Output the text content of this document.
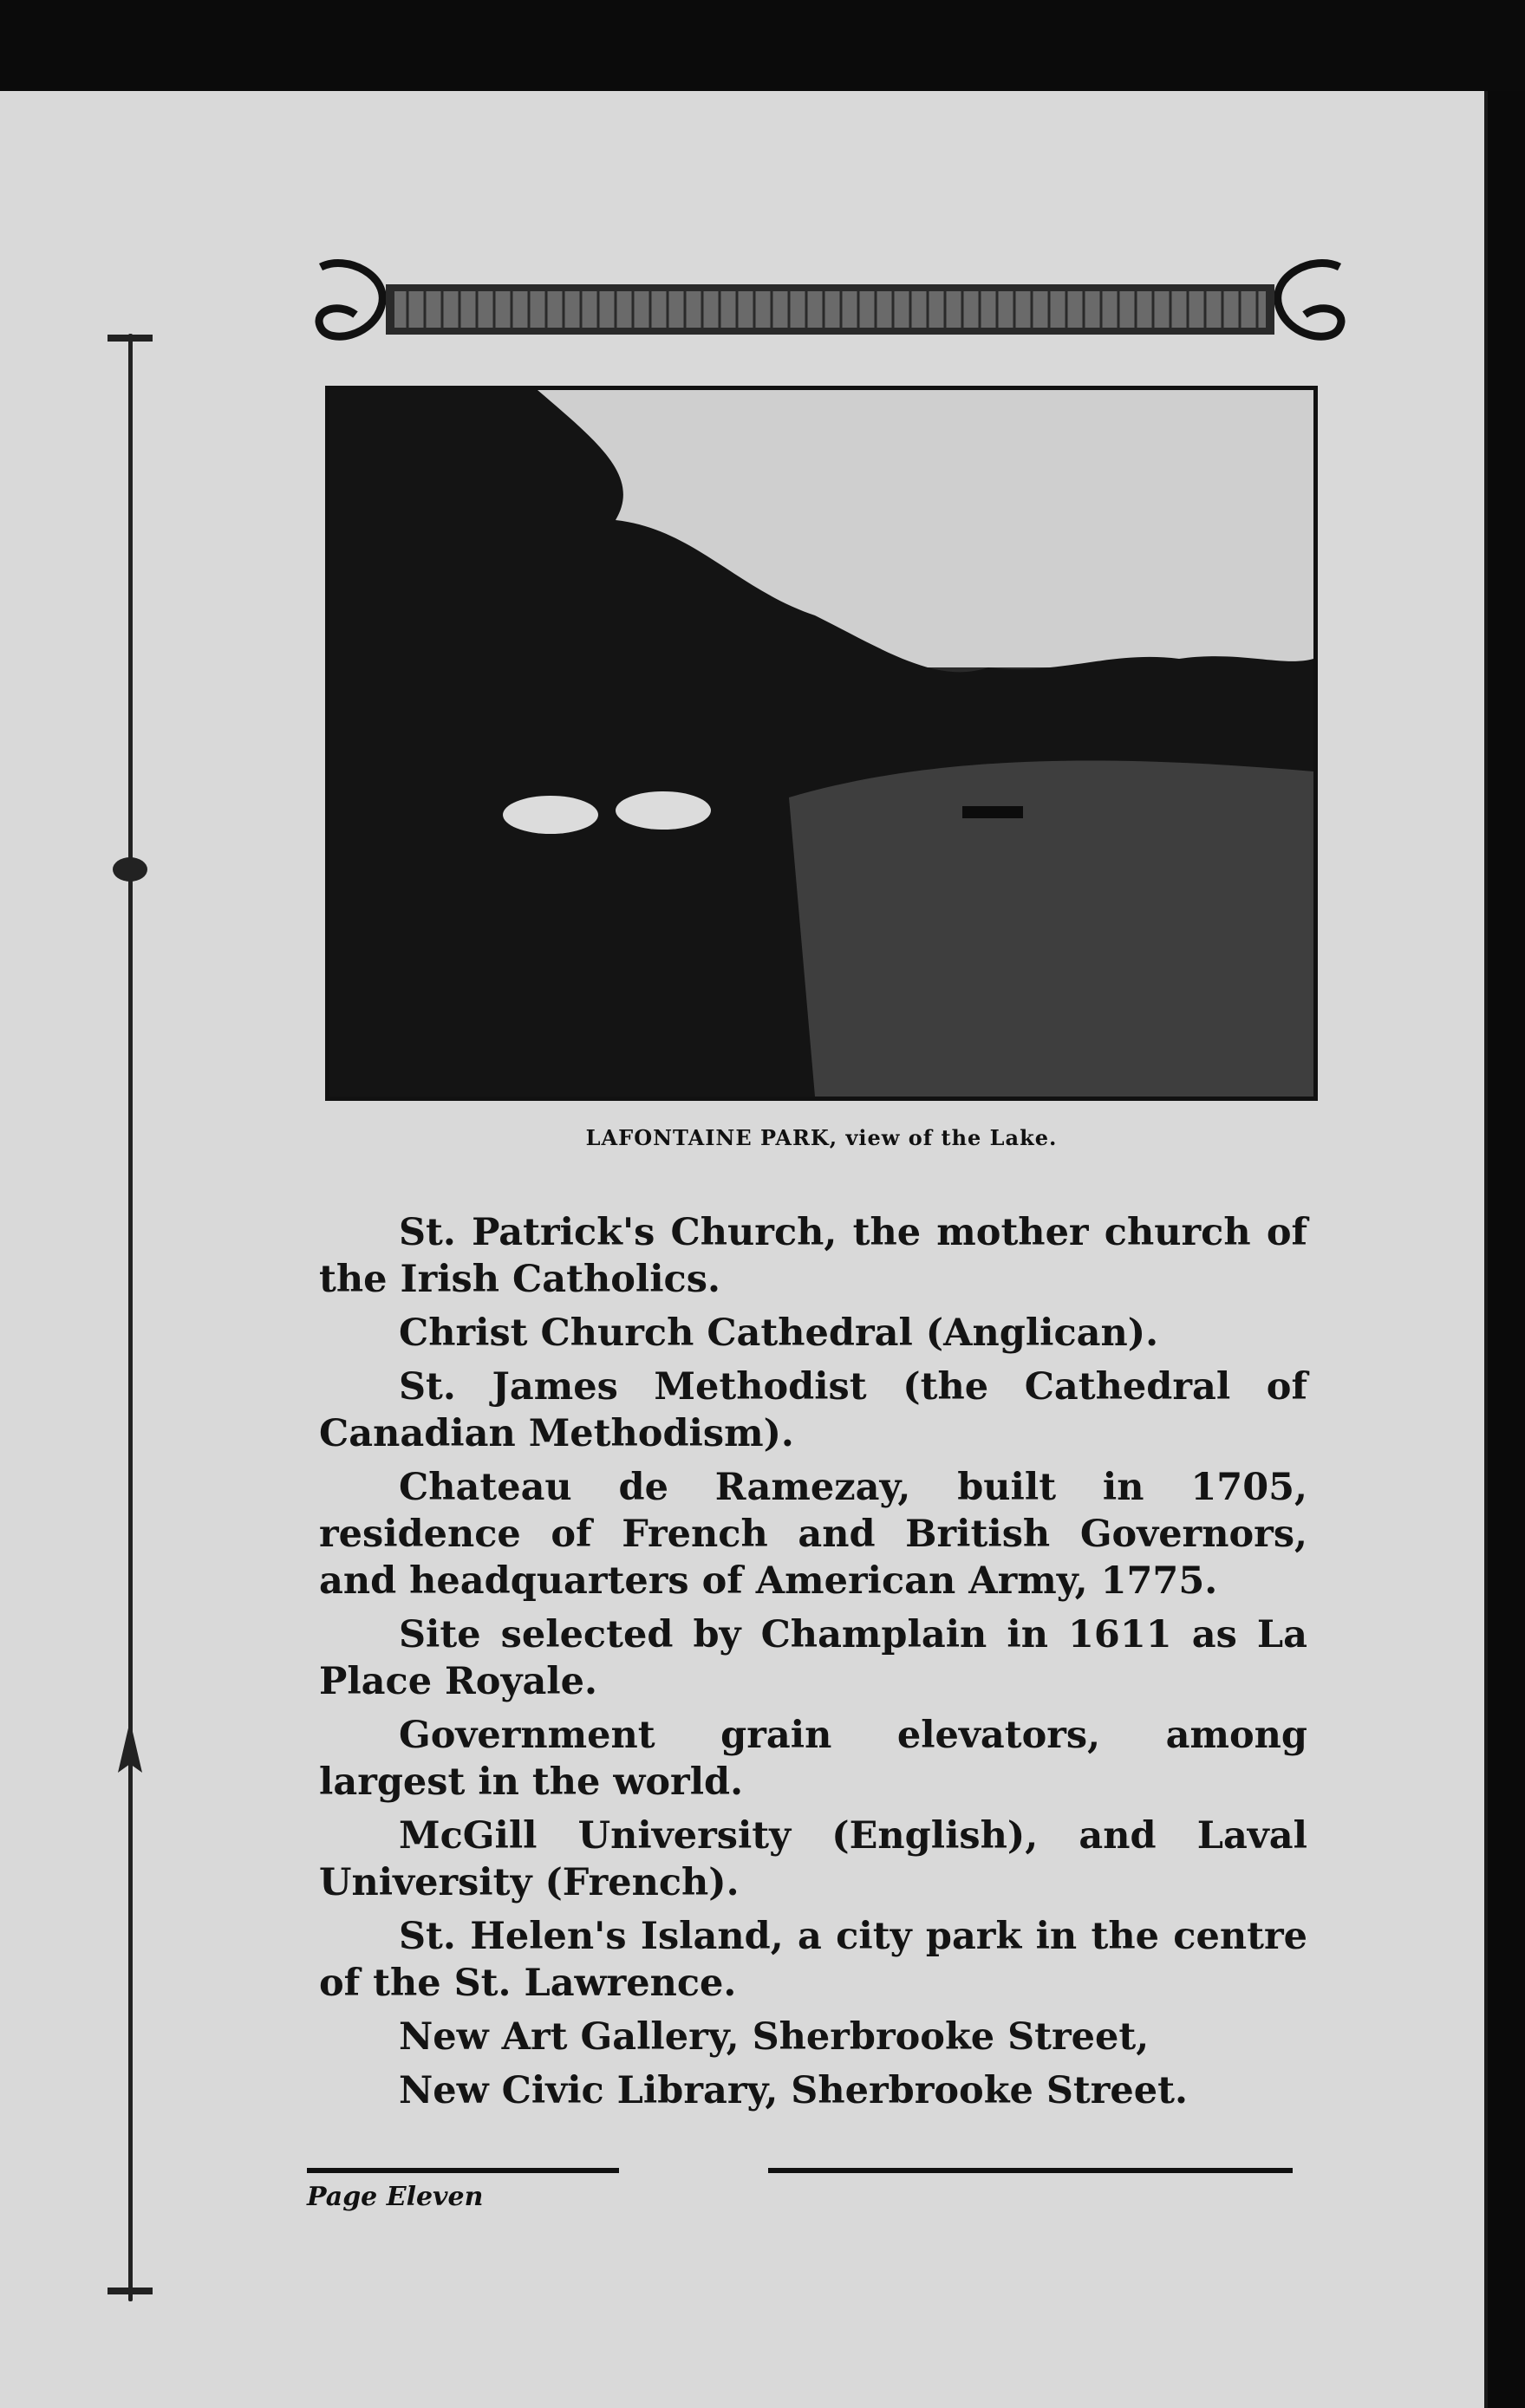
LAFONTAINE PARK, view of the Lake.

St. Patrick's Church, the mother church of the Irish Catholics.

Christ Church Cathedral (Anglican).

St. James Methodist (the Cathedral of Canadian Methodism).

Chateau de Ramezay, built in 1705, residence of French and British Governors, and headquarters of American Army, 1775.

Site selected by Champlain in 1611 as La Place Royale.

Government grain elevators, among largest in the world.

McGill University (English), and Laval University (French).

St. Helen's Island, a city park in the centre of the St. Lawrence.

New Art Gallery, Sherbrooke Street,

New Civic Library, Sherbrooke Street.

Page Eleven
